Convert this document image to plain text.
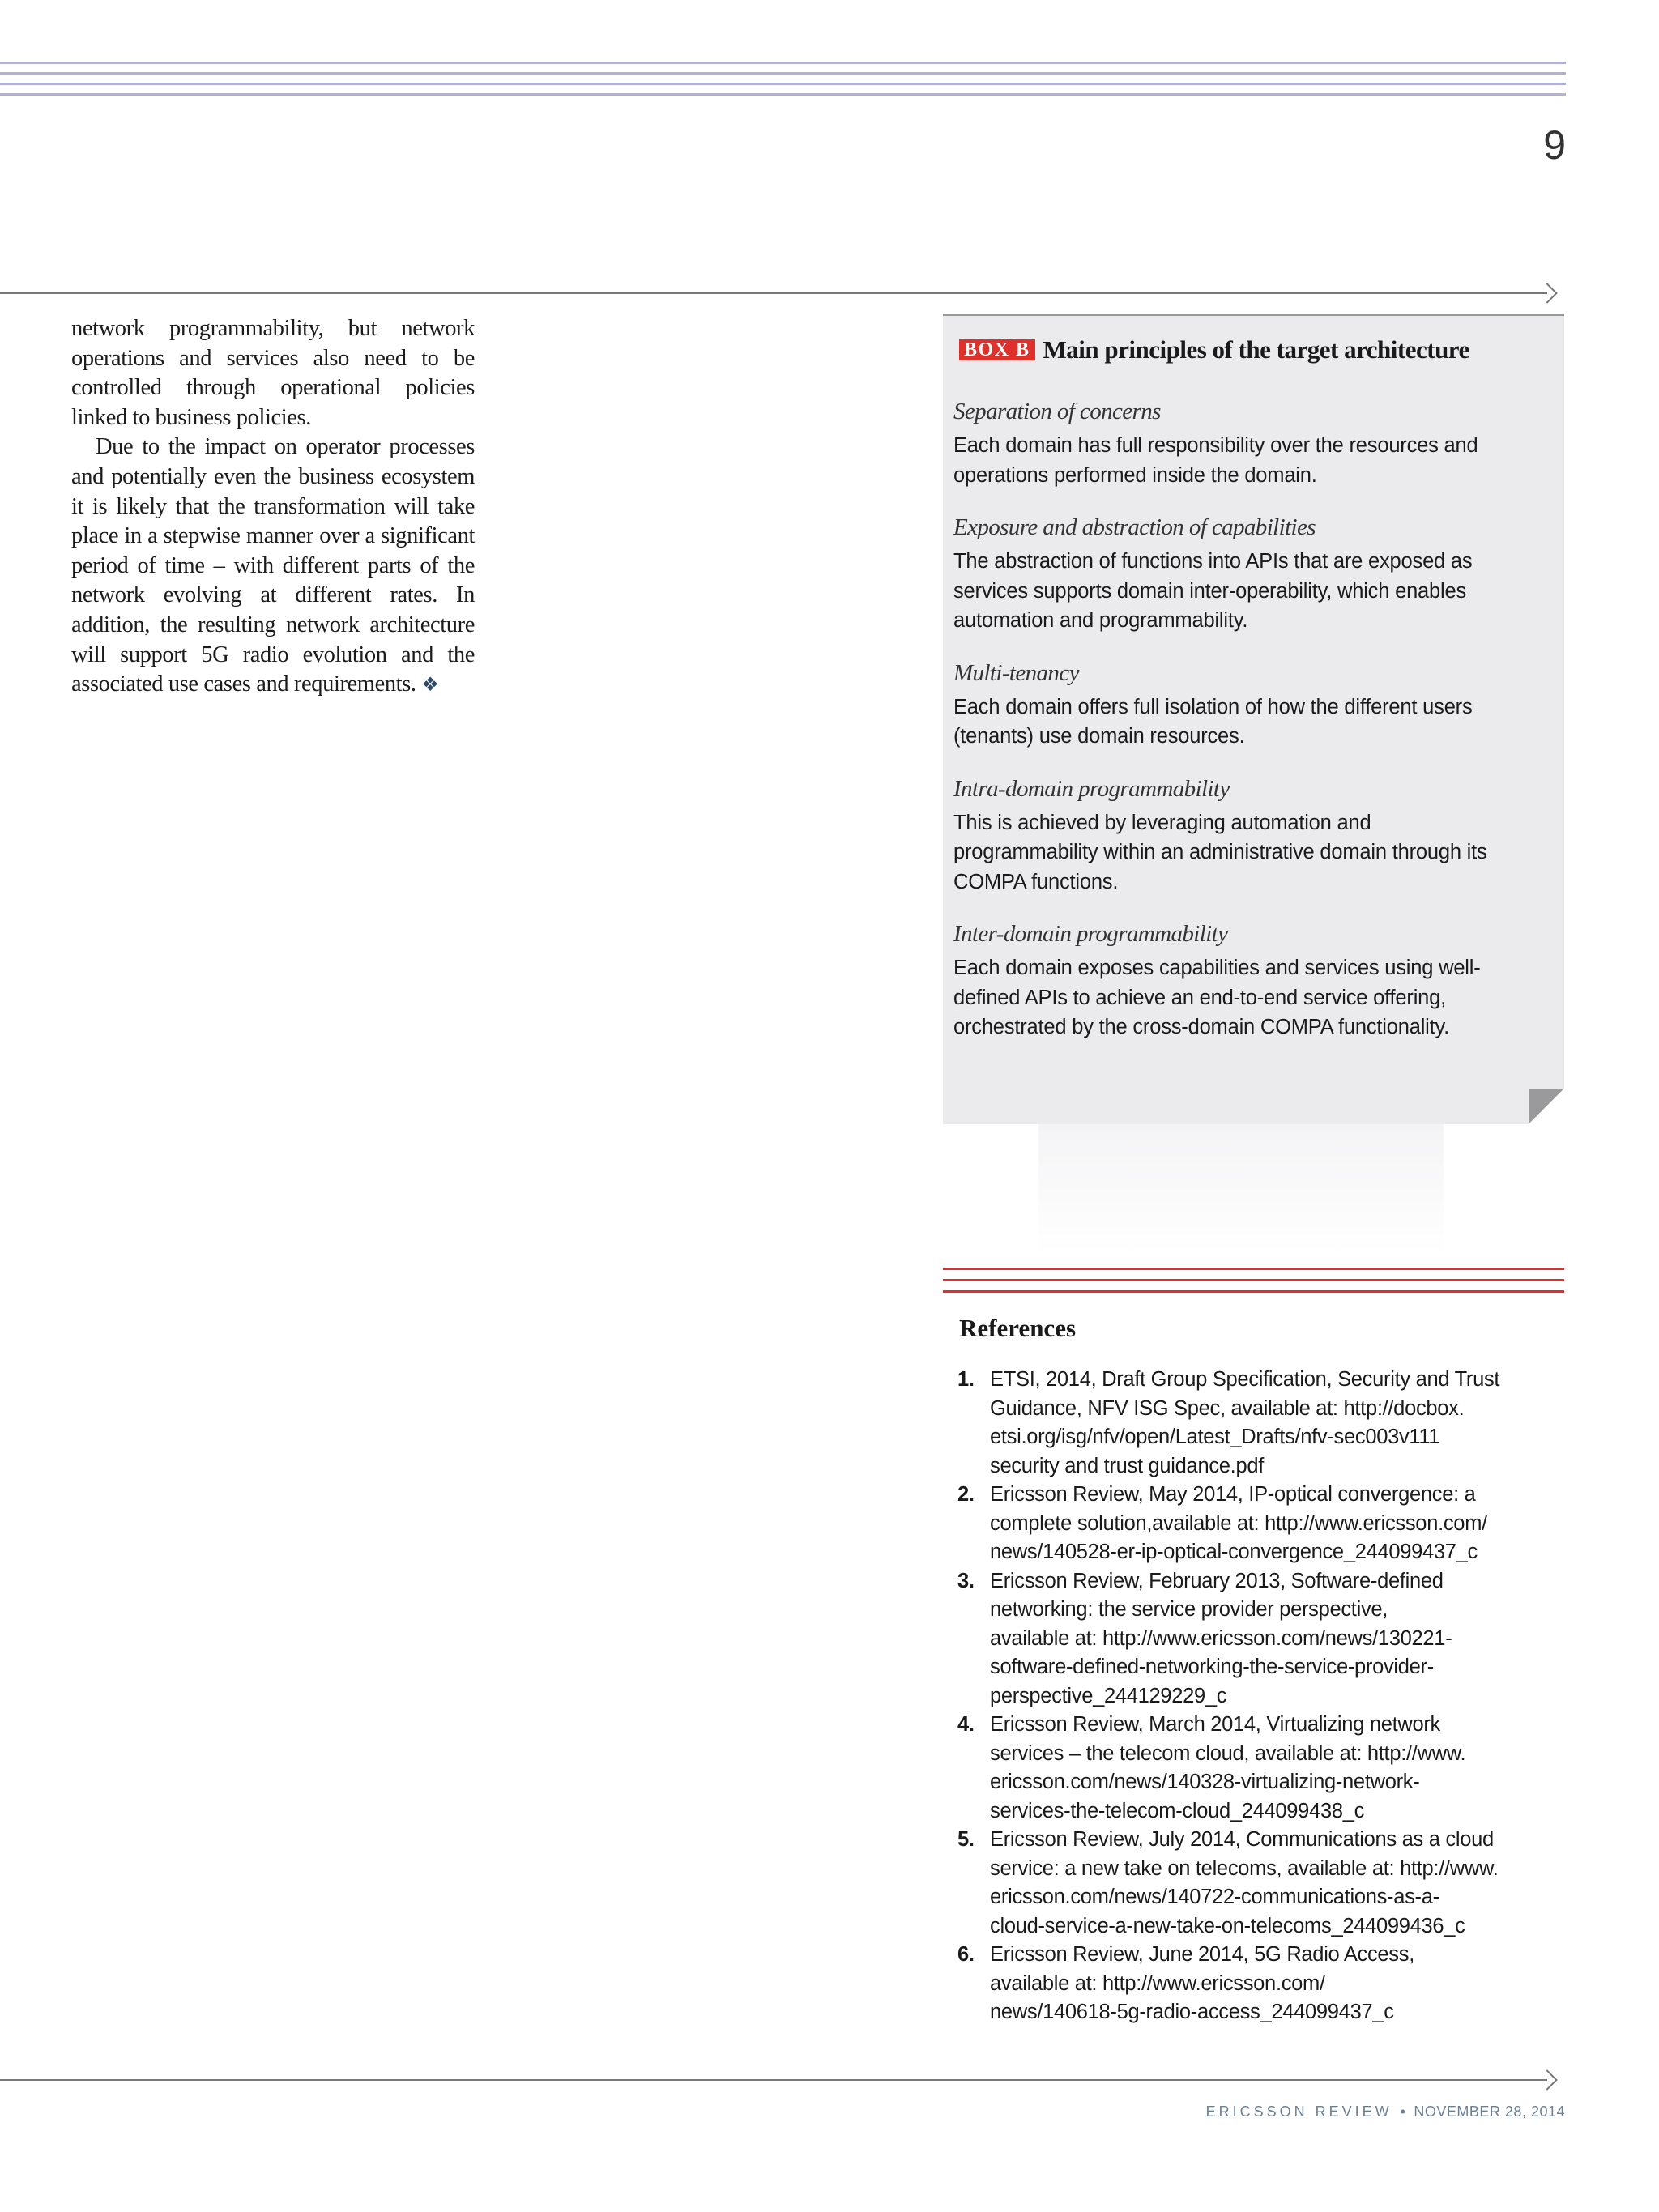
9

network programmability, but network operations and services also need to be controlled through operational policies linked to business policies.

Due to the impact on operator processes and potentially even the business ecosystem it is likely that the transformation will take place in a stepwise manner over a significant period of time – with different parts of the network evolving at different rates. In addition, the resulting network architecture will support 5G radio evolution and the associated use cases and requirements. ❖

BOX B Main principles of the target architecture
Separation of concerns
Each domain has full responsibility over the resources and
operations performed inside the domain.
Exposure and abstraction of capabilities
The abstraction of functions into APIs that are exposed as
services supports domain inter-operability, which enables
automation and programmability.
Multi-tenancy
Each domain offers full isolation of how the different users
(tenants) use domain resources.
Intra-domain programmability
This is achieved by leveraging automation and
programmability within an administrative domain through its
COMPA functions.
Inter-domain programmability
Each domain exposes capabilities and services using well-
defined APIs to achieve an end-to-end service offering,
orchestrated by the cross-domain COMPA functionality.
References
1. ETSI, 2014, Draft Group Specification, Security and Trust
Guidance, NFV ISG Spec, available at: http://docbox.
etsi.org/isg/nfv/open/Latest_Drafts/nfv-sec003v111
security and trust guidance.pdf
2. Ericsson Review, May 2014, IP-optical convergence: a
complete solution,available at: http://www.ericsson.com/
news/140528-er-ip-optical-convergence_244099437_c
3. Ericsson Review, February 2013, Software-defined
networking: the service provider perspective,
available at: http://www.ericsson.com/news/130221-
software-defined-networking-the-service-provider-
perspective_244129229_c
4. Ericsson Review, March 2014, Virtualizing network
services – the telecom cloud, available at: http://www.
ericsson.com/news/140328-virtualizing-network-
services-the-telecom-cloud_244099438_c
5. Ericsson Review, July 2014, Communications as a cloud
service: a new take on telecoms, available at: http://www.
ericsson.com/news/140722-communications-as-a-
cloud-service-a-new-take-on-telecoms_244099436_c
6. Ericsson Review, June 2014, 5G Radio Access,
available at: http://www.ericsson.com/
news/140618-5g-radio-access_244099437_c
ERICSSON REVIEW • NOVEMBER 28, 2014
